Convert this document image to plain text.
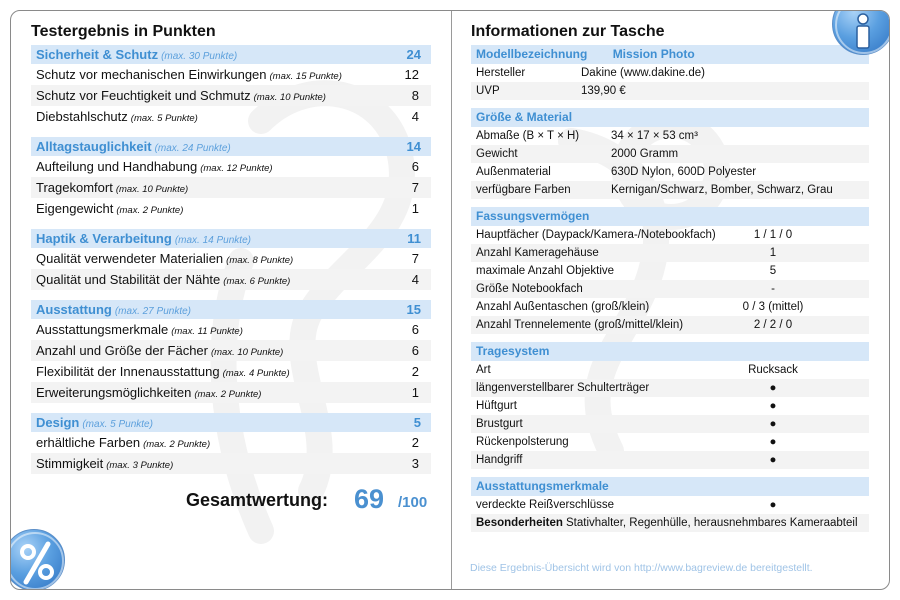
Testergebnis in Punkten
Sicherheit & Schutz (max. 30 Punkte)	24
Schutz vor mechanischen Einwirkungen (max. 15 Punkte)	12
Schutz vor Feuchtigkeit und Schmutz (max. 10 Punkte)	8
Diebstahlschutz (max. 5 Punkte)	4
Alltagstauglichkeit (max. 24 Punkte)	14
Aufteilung und Handhabung (max. 12 Punkte)	6
Tragekomfort (max. 10 Punkte)	7
Eigengewicht (max. 2 Punkte)	1
Haptik & Verarbeitung (max. 14 Punkte)	11
Qualität verwendeter Materialien (max. 8 Punkte)	7
Qualität und Stabilität der Nähte (max. 6 Punkte)	4
Ausstattung (max. 27 Punkte)	15
Ausstattungsmerkmale (max. 11 Punkte)	6
Anzahl und Größe der Fächer (max. 10 Punkte)	6
Flexibilität der Innenausstattung (max. 4 Punkte)	2
Erweiterungsmöglichkeiten (max. 2 Punkte)	1
Design (max. 5 Punkte)	5
erhältliche Farben (max. 2 Punkte)	2
Stimmigkeit (max. 3 Punkte)	3
Gesamtwertung: 69 /100
Informationen zur Tasche
Modellbezeichnung Mission Photo
Hersteller	Dakine (www.dakine.de)
UVP	139,90 €
Größe & Material
Abmaße (B × T × H)	34 × 17 × 53 cm³
Gewicht	2000 Gramm
Außenmaterial	630D Nylon, 600D Polyester
verfügbare Farben	Kernigan/Schwarz, Bomber, Schwarz, Grau
Fassungsvermögen
Hauptfächer (Daypack/Kamera-/Notebookfach)	1 / 1 / 0
Anzahl Kameragehäuse	1
maximale Anzahl Objektive	5
Größe Notebookfach	-
Anzahl Außentaschen (groß/klein)	0 / 3 (mittel)
Anzahl Trennelemente (groß/mittel/klein)	2 / 2 / 0
Tragesystem
Art	Rucksack
längenverstellbarer Schulterträger	●
Hüftgurt	●
Brustgurt	●
Rückenpolsterung	●
Handgriff	●
Ausstattungsmerkmale
verdeckte Reißverschlüsse	●
Besonderheiten Stativhalter, Regenhülle, herausnehmbares Kameraabteil
Diese Ergebnis-Übersicht wird von http://www.bagreview.de bereitgestellt.
